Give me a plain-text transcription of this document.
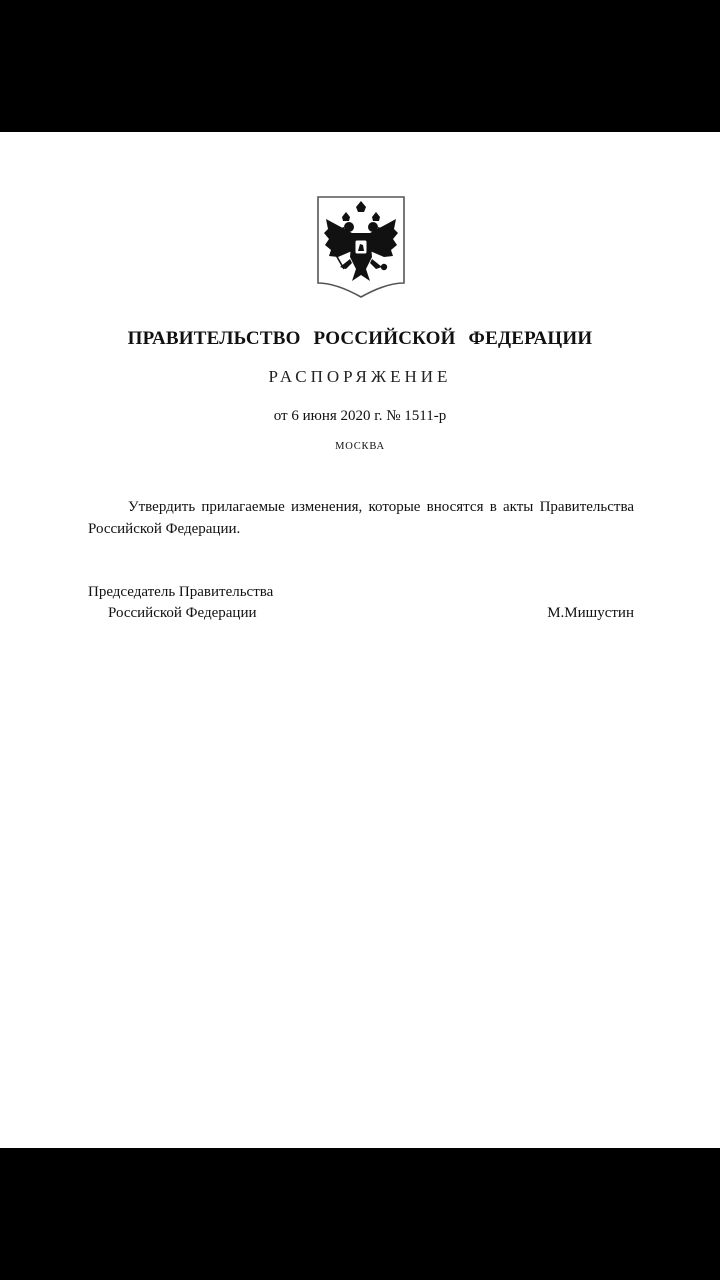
ПРАВИТЕЛЬСТВО РОССИЙСКОЙ ФЕДЕРАЦИИ
РАСПОРЯЖЕНИЕ
от 6 июня 2020 г. № 1511-р
МОСКВА

Утвердить прилагаемые изменения, которые вносятся в акты Правительства Российской Федерации.

Председатель Правительства
Российской Федерации	М.Мишустин
